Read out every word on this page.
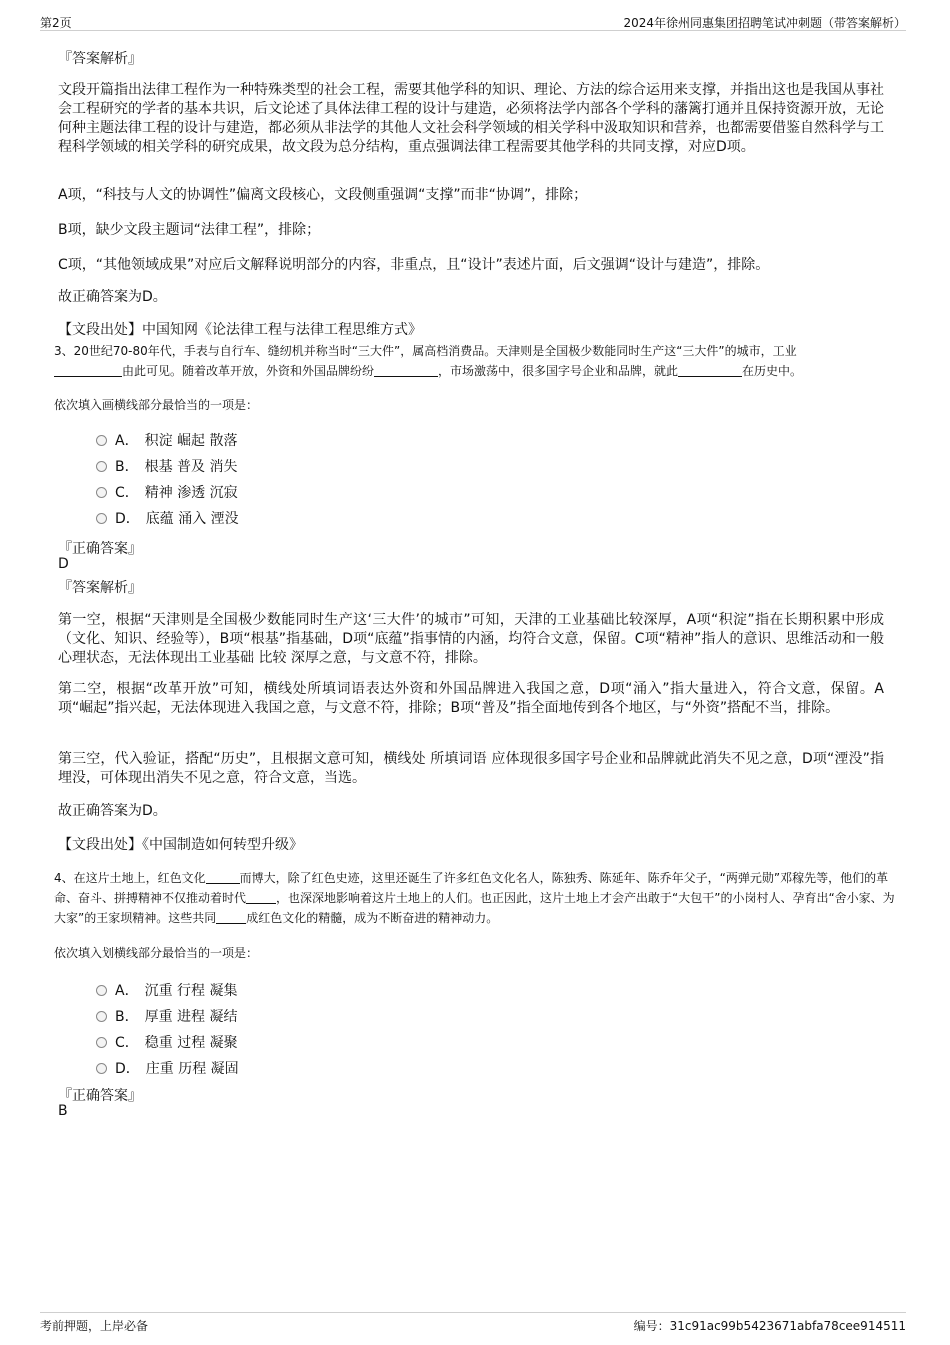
第2页	2024年徐州同惠集团招聘笔试冲刺题（带答案解析）
『答案解析』
文段开篇指出法律工程作为一种特殊类型的社会工程，需要其他学科的知识、理论、方法的综合运用来支撑，并指出这也是我国从事社会工程研究的学者的基本共识，后文论述了具体法律工程的设计与建造，必须将法学内部各个学科的藩篱打通并且保持资源开放，无论何种主题法律工程的设计与建造，都必须从非法学的其他人文社会科学领域的相关学科中汲取知识和营养，也都需要借鉴自然科学与工程科学领域的相关学科的研究成果，故文段为总分结构，重点强调法律工程需要其他学科的共同支撑，对应D项。
A项，“科技与人文的协调性”偏离文段核心，文段侧重强调“支撑”而非“协调”，排除；
B项，缺少文段主题词“法律工程”，排除；
C项，“其他领域成果”对应后文解释说明部分的内容，非重点，且“设计”表述片面，后文强调“设计与建造”，排除。
故正确答案为D。
【文段出处】中国知网《论法律工程与法律工程思维方式》
3、20世纪70-80年代，手表与自行车、缝纫机并称当时“三大件”，属高档消费品。天津则是全国极少数能同时生产这“三大件”的城市，工业
由此可见。随着改革开放，外资和外国品牌纷纷	，市场激荡中，很多国字号企业和品牌，就此	在历史中。
依次填入画横线部分最恰当的一项是：
A． 积淀 崛起 散落
B． 根基 普及 消失
C． 精神 渗透 沉寂
D． 底蕴 涌入 湮没
『正确答案』
D
『答案解析』
第一空，根据“天津则是全国极少数能同时生产这‘三大件’的城市”可知，天津的工业基础比较深厚，A项“积淀”指在长期积累中形成（文化、知识、经验等），B项“根基”指基础，D项“底蕴”指事情的内涵，均符合文意，保留。C项“精神”指人的意识、思维活动和一般心理状态，无法体现出工业基础 比较 深厚之意，与文意不符，排除。
第二空，根据“改革开放”可知，横线处所填词语表达外资和外国品牌进入我国之意，D项“涌入”指大量进入，符合文意，保留。A项“崛起”指兴起，无法体现进入我国之意，与文意不符，排除；B项“普及”指全面地传到各个地区，与“外资”搭配不当，排除。
第三空，代入验证，搭配“历史”，且根据文意可知，横线处 所填词语 应体现很多国字号企业和品牌就此消失不见之意，D项“湮没”指埋没，可体现出消失不见之意，符合文意，当选。
故正确答案为D。
【文段出处】《中国制造如何转型升级》
4、在这片土地上，红色文化	而博大，除了红色史迹，这里还诞生了许多红色文化名人，陈独秀、陈延年、陈乔年父子，“两弹元勋”邓稼先等，他们的革命、奋斗、拼搏精神不仅推动着时代	，也深深地影响着这片土地上的人们。也正因此，这片土地上才会产出敢于“大包干”的小岗村人、孕育出“舍小家、为大家”的王家坝精神。这些共同	成红色文化的精髓，成为不断奋进的精神动力。
依次填入划横线部分最恰当的一项是：
A． 沉重 行程 凝集
B． 厚重 进程 凝结
C． 稳重 过程 凝聚
D． 庄重 历程 凝固
『正确答案』
B
考前押题，上岸必备	编号：31c91ac99b5423671abfa78cee914511
